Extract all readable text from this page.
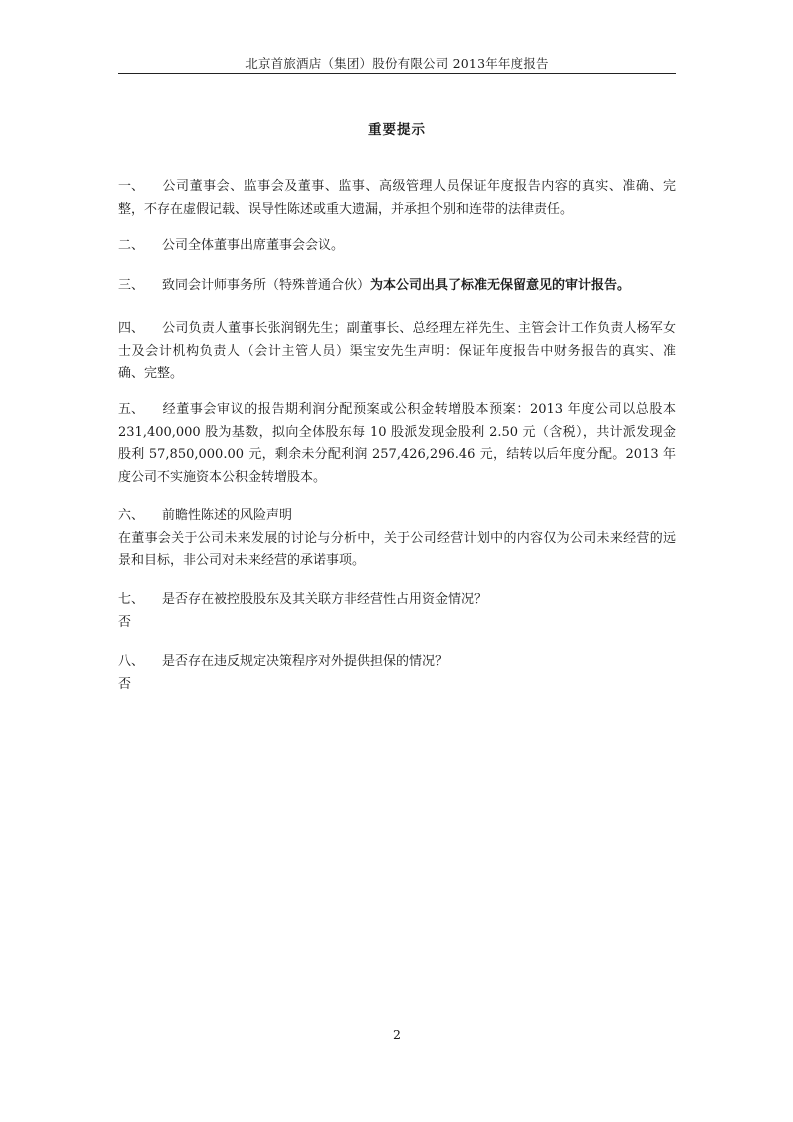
北京首旅酒店（集团）股份有限公司 2013年年度报告
重要提示
一、 公司董事会、监事会及董事、监事、高级管理人员保证年度报告内容的真实、准确、完整，不存在虚假记载、误导性陈述或重大遗漏，并承担个别和连带的法律责任。
二、 公司全体董事出席董事会会议。
三、 致同会计师事务所（特殊普通合伙）为本公司出具了标准无保留意见的审计报告。
四、 公司负责人董事长张润钢先生；副董事长、总经理左祥先生、主管会计工作负责人杨军女士及会计机构负责人（会计主管人员）渠宝安先生声明：保证年度报告中财务报告的真实、准确、完整。
五、 经董事会审议的报告期利润分配预案或公积金转增股本预案：2013 年度公司以总股本 231,400,000 股为基数，拟向全体股东每 10 股派发现金股利 2.50 元（含税），共计派发现金股利 57,850,000.00 元，剩余未分配利润 257,426,296.46 元，结转以后年度分配。2013 年度公司不实施资本公积金转增股本。
六、 前瞻性陈述的风险声明
在董事会关于公司未来发展的讨论与分析中，关于公司经营计划中的内容仅为公司未来经营的远景和目标，非公司对未来经营的承诺事项。
七、 是否存在被控股股东及其关联方非经营性占用资金情况？
否
八、 是否存在违反规定决策程序对外提供担保的情况？
否
2
